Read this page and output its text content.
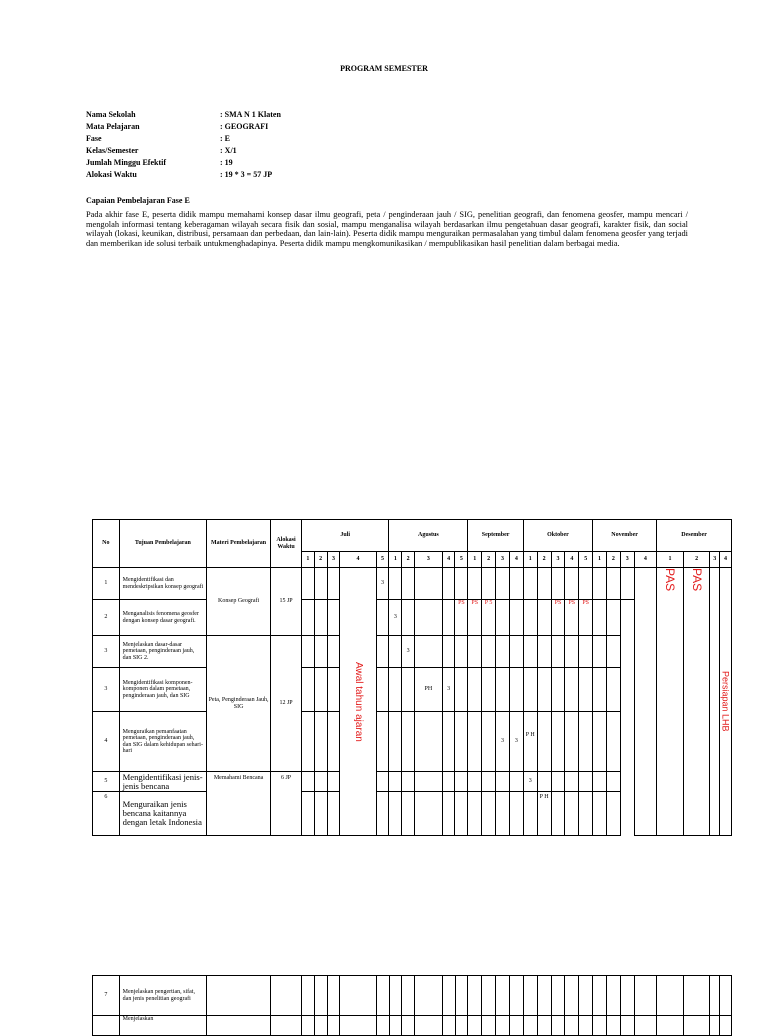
PROGRAM SEMESTER
Nama Sekolah	: SMA N 1 Klaten
Mata Pelajaran	: GEOGRAFI
Fase	: E
Kelas/Semester	: X/1
Jumlah Minggu Efektif	: 19
Alokasi Waktu	: 19 * 3 = 57 JP
Capaian Pembelajaran Fase E
Pada akhir fase E, peserta didik mampu memahami konsep dasar ilmu geografi, peta / penginderaan jauh / SIG, penelitian geografi, dan fenomena geosfer, mampu mencari / mengolah informasi tentang keberagaman wilayah secara fisik dan sosial, mampu menganalisa wilayah berdasarkan ilmu pengetahuan dasar geografi, karakter fisik, dan social wilayah (lokasi, keunikan, distribusi, persamaan dan perbedaan, dan lain-lain). Peserta didik mampu menguraikan permasalahan yang timbul dalam fenomena geosfer yang terjadi dan memberikan ide solusi terbaik untukmenghadapinya. Peserta didik mampu mengkomunikasikan / mempublikasikan hasil penelitian dalam berbagai media.
No	Tujuan Pembelajaran	Materi Pembelajaran	Alokasi Waktu	Juli					Agustus					September				Oktober					November				Desember			
				1	2	3	4	5	1	2	3	4	5	1	2	3	4	1	2	3	4	5	1	2	3	4	1	2	3	4
1	Mengidentifikasi dan mendeskripsikan konsep geografi	Konsep Geografi	15 JP				Awal tahun ajaran	3																			PAS	PAS		Persiapan LHB
2	Menganalisis fenomena geosfer dengan konsep dasar geografi.								3				PS	PS	P 5					PS	PS	PS								
3	Menjelaskan dasar-dasar pemetaan, penginderaan jauh, dan SIG 2.	Peta, Penginderaan Jauh, SIG	12 JP							3																				
3	Mengidentifikasi komponen-komponen dalam pemetaan, penginderaan jauh, dan SIG										PH	3																		
4	Menguraikan pemanfaatan pemetaan, penginderaan jauh, dan SIG dalam kehidupan sehari-hari															3	3	P H												
5	Mengidentifikasi jenis-jenis bencana	Memahami Bencana	6 JP															3												
6	Menguraikan jenis bencana kaitannya dengan letak Indonesia																		P H											
7	Menjelaskan pengertian, sifat, dan jenis penelitian geografi																													
	Menjelaskan																													
